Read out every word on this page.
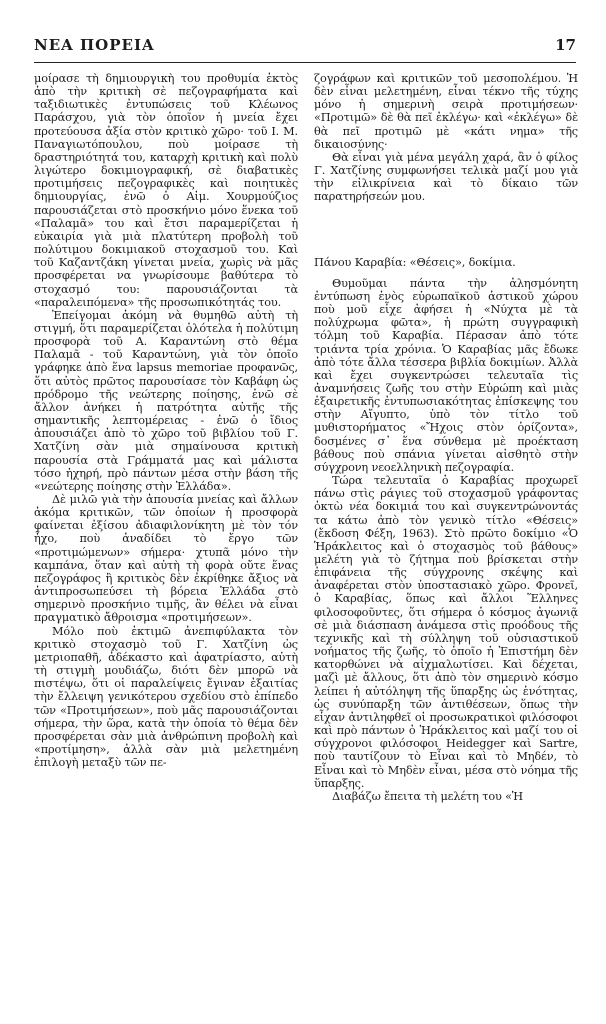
ΝΕΑ ΠΟΡΕΙΑ	17

μοίρασε τὴ δημιουργικὴ του προθυμία ἐκτὸς ἀπὸ τὴν κριτικὴ σὲ πεζογραφήματα καὶ ταξιδιωτικὲς ἐντυπώσεις τοῦ Κλέωνος Παράσχου, γιὰ τὸν ὁποῖον ἡ μνεία ἔχει προτεύουσα ἀξία στὸν κριτικὸ χῶρο· τοῦ Ι. Μ. Παναγιωτόπουλου, ποὺ μοίρασε τὴ δραστηριότητά του, καταρχὴ κριτικὴ καὶ πολὺ λιγώτερο δοκιμιογραφική, σὲ διαβατικὲς προτιμήσεις πεζογραφικὲς καὶ ποιητικὲς δημιουργίας, ἐνῶ ὁ Αἰμ. Χουρμούζιος παρουσιάζεται στὸ προσκήνιο μόνο ἕνεκα τοῦ «Παλαμᾶ» του καὶ ἔτσι παραμερίζεται ἡ εὐκαιρία γιὰ μιὰ πλατύτερη προβολὴ τοῦ πολύτιμου δοκιμιακοῦ στοχασμοῦ του. Καὶ τοῦ Καζαντζάκη γίνεται μνεία, χωρὶς νὰ μᾶς προσφέρεται να γνωρίσουμε βαθύτερα τὸ στοχασμό του: παρουσιάζονται τὰ «παραλειπόμενα» τῆς προσωπικότητάς του.

Ἐπείγομαι ἀκόμη νὰ θυμηθῶ αὐτὴ τὴ στιγμή, ὅτι παραμερίζεται ὁλότελα ἡ πολύτιμη προσφορὰ τοῦ Α. Καραντώνη στὸ θέμα Παλαμᾶ - τοῦ Καραντώνη, γιὰ τὸν ὁποῖο γράφηκε ἀπὸ ἕνα lapsus memoriae προφανῶς, ὅτι αὐτὸς πρῶτος παρουσίασε τὸν Καβάφη ὡς πρόδρομο τῆς νεώτερης ποίησης, ἐνῶ σὲ ἄλλον ἀνήκει ἡ πατρότητα αὐτῆς τῆς σημαντικῆς λεπτομέρειας - ἐνῶ ὁ ἴδιος ἀπουσιάζει ἀπὸ τὸ χῶρο τοῦ βιβλίου τοῦ Γ. Χατζίνη σὰν μιὰ σημαίνουσα κριτικὴ παρουσία στὰ Γράμματά μας καὶ μάλιστα τόσο ἠχηρή, πρὸ πάντων μέσα στὴν βάση τῆς «νεώτερης ποίησης στὴν Ἑλλάδα».

Δὲ μιλῶ γιὰ τὴν ἀπουσία μνείας καὶ ἄλλων ἀκόμα κριτικῶν, τῶν ὁποίων ἡ προσφορὰ φαίνεται ἐξίσου ἀδιαφιλονίκητη μὲ τὸν τόν ἦχο, ποὺ ἀναδίδει τὸ ἔργο τῶν «προτιμώμενων» σήμερα· χτυπᾶ μόνο τὴν καμπάνα, ὅταν καὶ αὐτὴ τὴ φορὰ οὔτε ἕνας πεζογράφος ἢ κριτικὸς δὲν ἐκρίθηκε ἄξιος νὰ ἀντιπροσωπεύσει τὴ βόρεια Ἑλλάδα στὸ σημερινὸ προσκήνιο τιμῆς, ἂν θέλει νὰ εἶναι πραγματικὸ ἄθροισμα «προτιμήσεων».

Μόλο ποὺ ἐκτιμῶ ἀνεπιφύλακτα τὸν κριτικὸ στοχασμὸ τοῦ Γ. Χατζίνη ὡς μετριοπαθῆ, ἀδέκαστο καὶ ἀφατρίαστο, αὐτὴ τὴ στιγμὴ μουδιάζω, διότι δὲν μπορῶ νὰ πιστέψω, ὅτι οἱ παραλείψεις ἔγιναν ἐξαιτίας τὴν ἔλλειψη γενικότερου σχεδίου στὸ ἐπίπεδο τῶν «Προτιμήσεων», ποὺ μᾶς παρουσιάζονται σήμερα, τὴν ὥρα, κατὰ τὴν ὁποία τὸ θέμα δὲν προσφέρεται σὰν μιὰ ἀνθρώπινη προβολὴ καὶ «προτίμηση», ἀλλὰ σὰν μιὰ μελετημένη ἐπιλογὴ μεταξὺ τῶν πε-

ζογράφων καὶ κριτικῶν τοῦ μεσοπολέμου. Ἡ δὲν εἶναι μελετημένη, εἶναι τέκνο τῆς τύχης μόνο ἡ σημερινὴ σειρὰ προτιμήσεων· «Προτιμῶ» δὲ θὰ πεῖ ἐκλέγω· καὶ «ἐκλέγω» δὲ θὰ πεῖ προτιμῶ μὲ «κάτι νημα» τῆς δικαιοσύνης·

Θὰ εἶναι γιὰ μένα μεγάλη χαρά, ἂν ὁ φίλος Γ. Χατζίνης συμφωνήσει τελικὰ μαζί μου γιὰ τὴν εἰλικρίνεια καὶ τὸ δίκαιο τῶν παρατηρήσεών μου.

Πάνου Καραβία: «Θέσεις», δοκίμια.

Θυμοῦμαι πάντα τὴν ἀλησμόνητη ἐντύπωση ἑνὸς εὐρωπαϊκοῦ ἀστικοῦ χώρου ποὺ μοῦ εἶχε ἀφήσει ἡ «Νύχτα μὲ τὰ πολύχρωμα φῶτα», ἡ πρώτη συγγραφικὴ τόλμη τοῦ Καραβία. Πέρασαν ἀπὸ τότε τριάντα τρία χρόνια. Ὁ Καραβίας μᾶς ἔδωκε ἀπὸ τότε ἄλλα τέσσερα βιβλία δοκιμίων. Ἀλλὰ καὶ ἔχει συγκεντρώσει τελευταῖα τὶς ἀναμνήσεις ζωῆς του στὴν Εὐρώπη καὶ μιὰς ἐξαιρετικῆς ἐντυπωσιακότητας ἐπίσκεψης του στὴν Αἴγυπτο, ὑπὸ τὸν τίτλο τοῦ μυθιστορήματος «Ἤχοις στὸν ὁρίζοντα», δοσμένες σ᾽ ἕνα σύνθεμα μὲ προέκταση βάθους ποὺ σπάνια γίνεται αἰσθητὸ στὴν σύγχρονη νεοελληνικὴ πεζογραφία.

Τώρα τελευταῖα ὁ Καραβίας προχωρεῖ πάνω στὶς ράγιες τοῦ στοχασμοῦ γράφοντας ὀκτὼ νέα δοκιμιά του καὶ συγκεντρώνοντάς τα κάτω ἀπὸ τὸν γενικὸ τίτλο «Θέσεις» (ἔκδοση Φέξη, 1963). Στὸ πρῶτο δοκίμιο «Ὁ Ἡράκλειτος καὶ ὁ στοχασμὸς τοῦ βάθους» μελέτη γιὰ τὸ ζήτημα ποὺ βρίσκεται στὴν ἐπιφάνεια τῆς σύγχρονης σκέψης καὶ ἀναφέρεται στὸν ὑποστασιακὸ χῶρο. Φρονεῖ, ὁ Καραβίας, ὅπως καὶ ἄλλοι Ἕλληνες φιλοσοφοῦντες, ὅτι σήμερα ὁ κόσμος ἀγωνιᾷ σὲ μιὰ διάσπαση ἀνάμεσα στὶς προόδους τῆς τεχνικῆς καὶ τὴ σύλληψη τοῦ οὐσιαστικοῦ νοήματος τῆς ζωῆς, τὸ ὁποῖο ἡ Ἐπιστήμη δὲν κατορθώνει νὰ αἰχμαλωτίσει. Καὶ δέχεται, μαζὶ μὲ ἄλλους, ὅτι ἀπὸ τὸν σημερινὸ κόσμο λείπει ἡ αὐτόληψη τῆς ὕπαρξης ὡς ἑνότητας, ὡς συνύπαρξη τῶν ἀντιθέσεων, ὅπως τὴν εἶχαν ἀντιληφθεῖ οἱ προσωκρατικοὶ φιλόσοφοι καὶ πρὸ πάντων ὁ Ἡράκλειτος καὶ μαζί του οἱ σύγχρονοι φιλόσοφοι Heidegger καὶ Sartre, ποὺ ταυτίζουν τὸ Εἶναι καὶ τὸ Μηδέν, τὸ Εἶναι καὶ τὸ Μηδὲν εἶναι, μέσα στὸ νόημα τῆς ὕπαρξης.

Διαβάζω ἔπειτα τὴ μελέτη του «Ἡ
